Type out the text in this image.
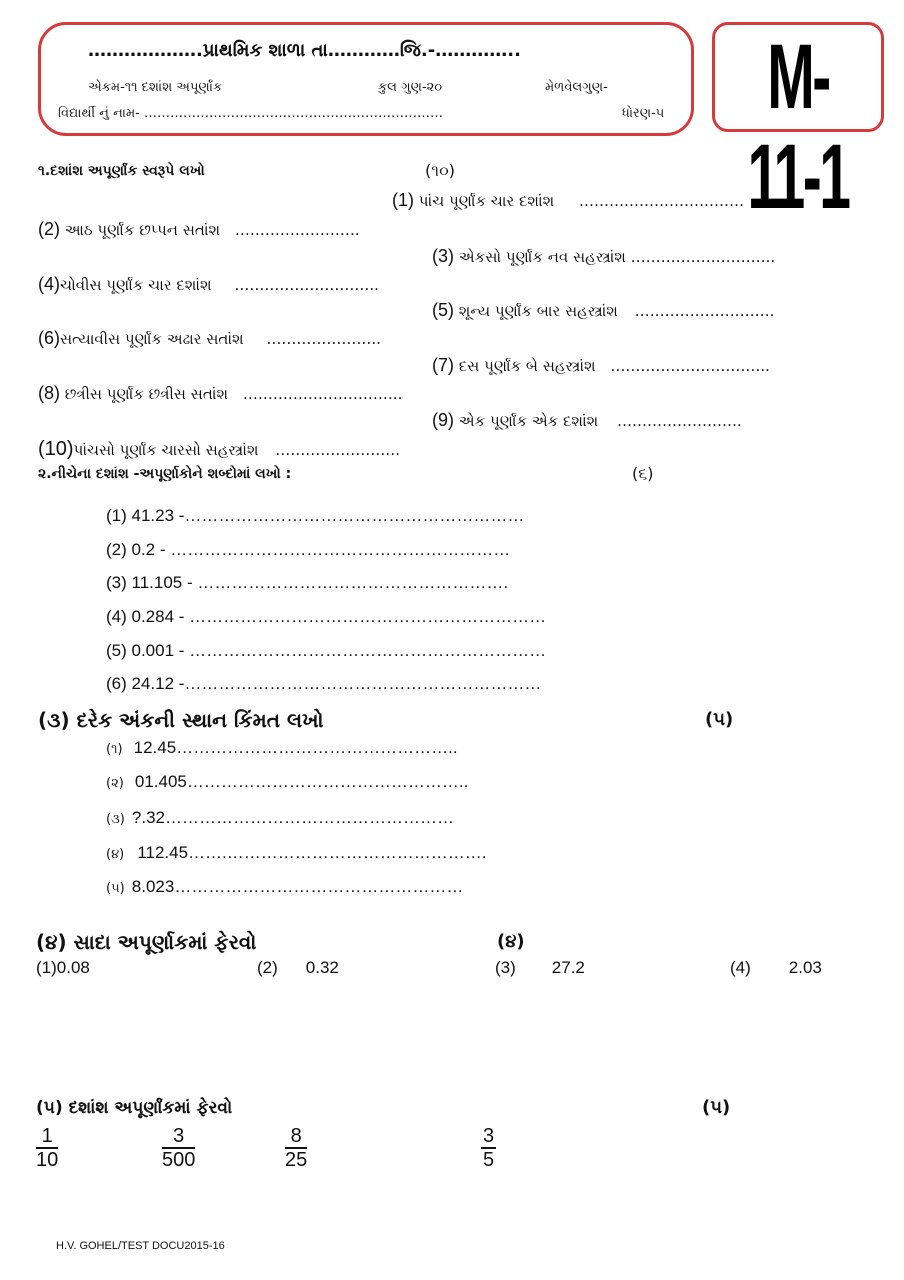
……………….પ્રાથમિક શાળા તા…………જિ.-…………..
એકમ-૧૧ દશાંશ અપૂર્ણાંક	કુલ ગુણ-૨૦	મેળવેલગુણ-
વિદ્યાર્થી નું નામ- ……………………………………………………………	ધોરણ-૫ M-11-1
૧.દશાંશ અપૂર્ણાંક સ્વરૂપે લખો	(૧૦)
(1) પાંચ પૂર્ણાંક ચાર દશાંશ ……………………………
(2) આઠ પૂર્ણાંક છપ્પન સતાંશ …………………….
(3) એકસો પૂર્ણાંક નવ સહસ્ત્રાંશ ………………………..
(4)ચોવીસ પૂર્ણાંક ચાર દશાંશ ………………………..
(5) શૂન્ય પૂર્ણાંક બાર સહસ્ત્રાંશ ……………………….
(6)સત્યાવીસ પૂર્ણાંક અઢાર સતાંશ …………………..
(7) દસ પૂર્ણાંક બે સહસ્ત્રાંશ …………………………..
(8) છત્રીસ પૂર્ણાંક છત્રીસ સતાંશ …………………………..
(9) એક પૂર્ણાંક એક દશાંશ …………………….
(10)પાંચસો પૂર્ણાંક ચારસો સહસ્ત્રાંશ …………………….
૨.નીચેના દશાંશ -અપૂર્ણાકોને શબ્દોમાં લખો :	(૬)
(1) 41.23 -……………………………………………………
(2) 0.2 - ……………………………………………………
(3) 11.105 - ……………………………………………….
(4) 0.284 - ………………………………………………………
(5) 0.001 - ………………………………………………………
(6) 24.12 -………………………………………………………
(૩) દરેક અંકની સ્થાન કિંમત લખો	(૫)
(૧) 12.45…………………………………………..
(૨) 01.405…………………………………………..
(૩) ?.32……………………………………………
(૪) 112.45…….……………………………………….
(૫) 8.023……………………………………………
(૪) સાદા અપૂર્ણાકમાં ફેરવો	(૪)
(1)0.08	(2) 0.32	(3) 27.2	(4) 2.03
(૫) દશાંશ અપૂર્ણાંકમાં ફેરવો	(૫)
$\frac{1}{10}$	$\frac{3}{500}$	$\frac{8}{25}$	$\frac{3}{5}$
H.V. GOHEL/TEST DOCU2015-16
